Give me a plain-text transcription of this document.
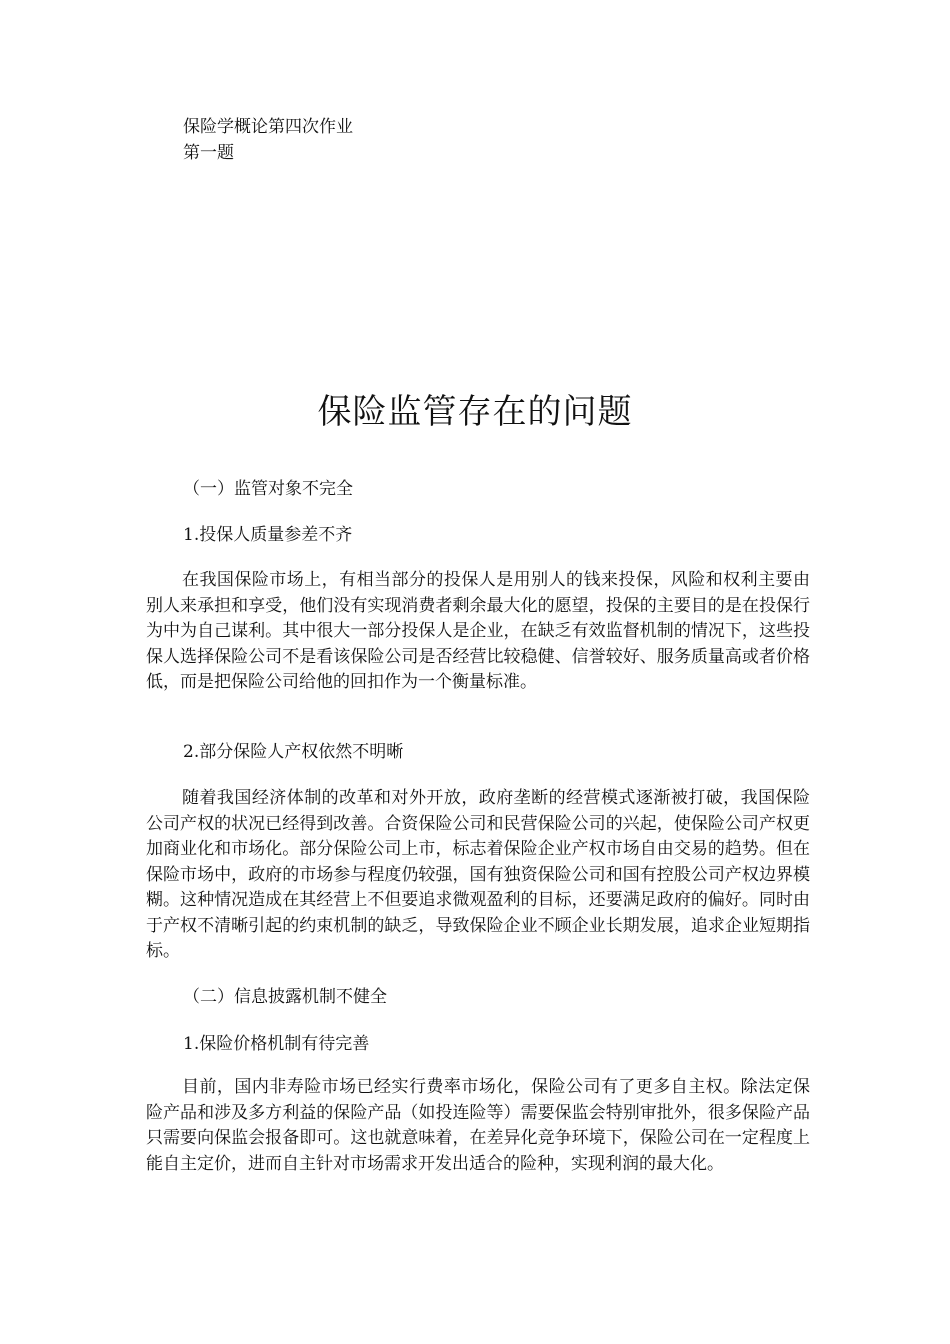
保险学概论第四次作业
第一题
保险监管存在的问题
（一）监管对象不完全
1.投保人质量参差不齐

在我国保险市场上，有相当部分的投保人是用别人的钱来投保，风险和权利主要由别人来承担和享受，他们没有实现消费者剩余最大化的愿望，投保的主要目的是在投保行为中为自己谋利。其中很大一部分投保人是企业，在缺乏有效监督机制的情况下，这些投保人选择保险公司不是看该保险公司是否经营比较稳健、信誉较好、服务质量高或者价格低，而是把保险公司给他的回扣作为一个衡量标准。

2.部分保险人产权依然不明晰

随着我国经济体制的改革和对外开放，政府垄断的经营模式逐渐被打破，我国保险公司产权的状况已经得到改善。合资保险公司和民营保险公司的兴起，使保险公司产权更加商业化和市场化。部分保险公司上市，标志着保险企业产权市场自由交易的趋势。但在保险市场中，政府的市场参与程度仍较强，国有独资保险公司和国有控股公司产权边界模糊。这种情况造成在其经营上不但要追求微观盈利的目标，还要满足政府的偏好。同时由于产权不清晰引起的约束机制的缺乏，导致保险企业不顾企业长期发展，追求企业短期指标。

（二）信息披露机制不健全
1.保险价格机制有待完善

目前，国内非寿险市场已经实行费率市场化，保险公司有了更多自主权。除法定保险产品和涉及多方利益的保险产品（如投连险等）需要保监会特别审批外，很多保险产品只需要向保监会报备即可。这也就意味着，在差异化竞争环境下，保险公司在一定程度上能自主定价，进而自主针对市场需求开发出适合的险种，实现利润的最大化。
